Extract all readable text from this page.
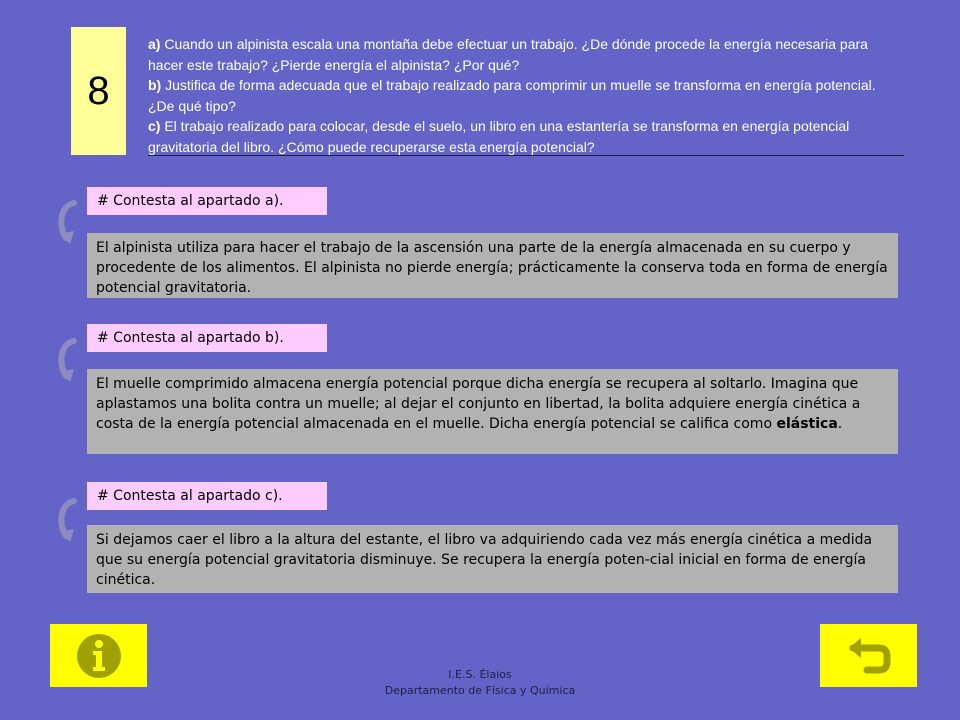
8
a) Cuando un alpinista escala una montaña debe efectuar un trabajo. ¿De dónde procede la energía necesaria para hacer este trabajo? ¿Pierde energía el alpinista? ¿Por qué?
b) Justifica de forma adecuada que el trabajo realizado para comprimir un muelle se transforma en energía potencial. ¿De qué tipo?
c) El trabajo realizado para colocar, desde el suelo, un libro en una estantería se transforma en energía potencial gravitatoria del libro. ¿Cómo puede recuperarse esta energía potencial?
# Contesta al apartado a).
El alpinista utiliza para hacer el trabajo de la ascensión una parte de la energía almacenada en su cuerpo y procedente de los alimentos. El alpinista no pierde energía; prácticamente la conserva toda en forma de energía potencial gravitatoria.
# Contesta al apartado b).
El muelle comprimido almacena energía potencial porque dicha energía se recupera al soltarlo. Imagina que aplastamos una bolita contra un muelle; al dejar el conjunto en libertad, la bolita adquiere energía cinética a costa de la energía potencial almacenada en el muelle. Dicha energía potencial se califica como elástica.
# Contesta al apartado c).
Si dejamos caer el libro a la altura del estante, el libro va adquiriendo cada vez más energía cinética a medida que su energía potencial gravitatoria disminuye. Se recupera la energía poten-cial inicial en forma de energía cinética.
I.E.S. Élaios
Departamento de Física y Química
